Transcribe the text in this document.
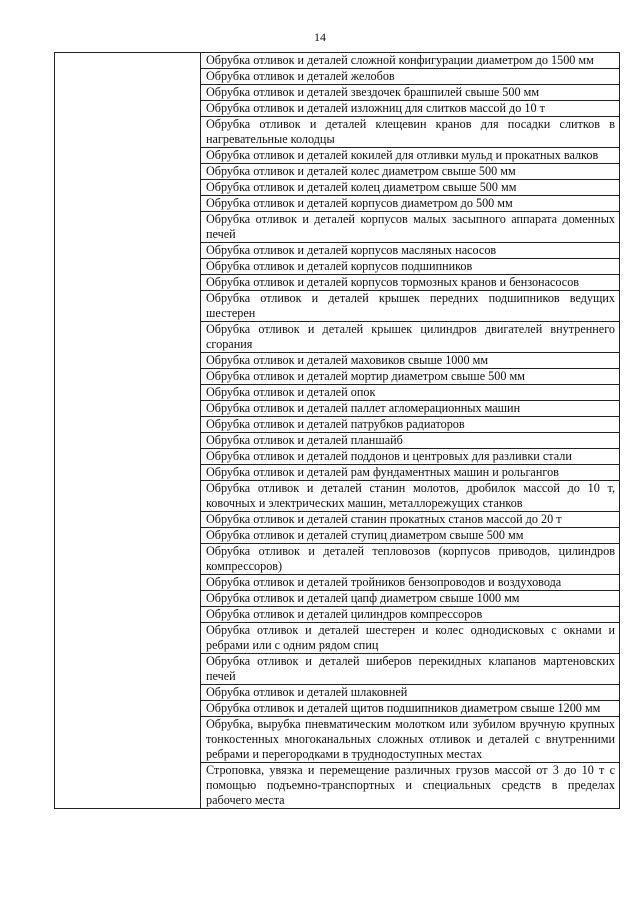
14
	Обрубка отливок и деталей сложной конфигурации диаметром до 1500 мм
Обрубка отливок и деталей желобов
Обрубка отливок и деталей звездочек брашпилей свыше 500 мм
Обрубка отливок и деталей изложниц для слитков массой до 10 т
Обрубка отливок и деталей клещевин кранов для посадки слитков в нагревательные колодцы
Обрубка отливок и деталей кокилей для отливки мульд и прокатных валков
Обрубка отливок и деталей колес диаметром свыше 500 мм
Обрубка отливок и деталей колец диаметром свыше 500 мм
Обрубка отливок и деталей корпусов диаметром до 500 мм
Обрубка отливок и деталей корпусов малых засыпного аппарата доменных печей
Обрубка отливок и деталей корпусов масляных насосов
Обрубка отливок и деталей корпусов подшипников
Обрубка отливок и деталей корпусов тормозных кранов и бензонасосов
Обрубка отливок и деталей крышек передних подшипников ведущих шестерен
Обрубка отливок и деталей крышек цилиндров двигателей внутреннего сгорания
Обрубка отливок и деталей маховиков свыше 1000 мм
Обрубка отливок и деталей мортир диаметром свыше 500 мм
Обрубка отливок и деталей опок
Обрубка отливок и деталей паллет агломерационных машин
Обрубка отливок и деталей патрубков радиаторов
Обрубка отливок и деталей планшайб
Обрубка отливок и деталей поддонов и центровых для разливки стали
Обрубка отливок и деталей рам фундаментных машин и рольгангов
Обрубка отливок и деталей станин молотов, дробилок массой до 10 т, ковочных и электрических машин, металлорежущих станков
Обрубка отливок и деталей станин прокатных станов массой до 20 т
Обрубка отливок и деталей ступиц диаметром свыше 500 мм
Обрубка отливок и деталей тепловозов (корпусов приводов, цилиндров компрессоров)
Обрубка отливок и деталей тройников бензопроводов и воздуховода
Обрубка отливок и деталей цапф диаметром свыше 1000 мм
Обрубка отливок и деталей цилиндров компрессоров
Обрубка отливок и деталей шестерен и колес однодисковых с окнами и ребрами или с одним рядом спиц
Обрубка отливок и деталей шиберов перекидных клапанов мартеновских печей
Обрубка отливок и деталей шлаковней
Обрубка отливок и деталей щитов подшипников диаметром свыше 1200 мм
Обрубка, вырубка пневматическим молотком или зубилом вручную крупных тонкостенных многоканальных сложных отливок и деталей с внутренними ребрами и перегородками в труднодоступных местах
Строповка, увязка и перемещение различных грузов массой от 3 до 10 т с помощью подъемно-транспортных и специальных средств в пределах рабочего места
